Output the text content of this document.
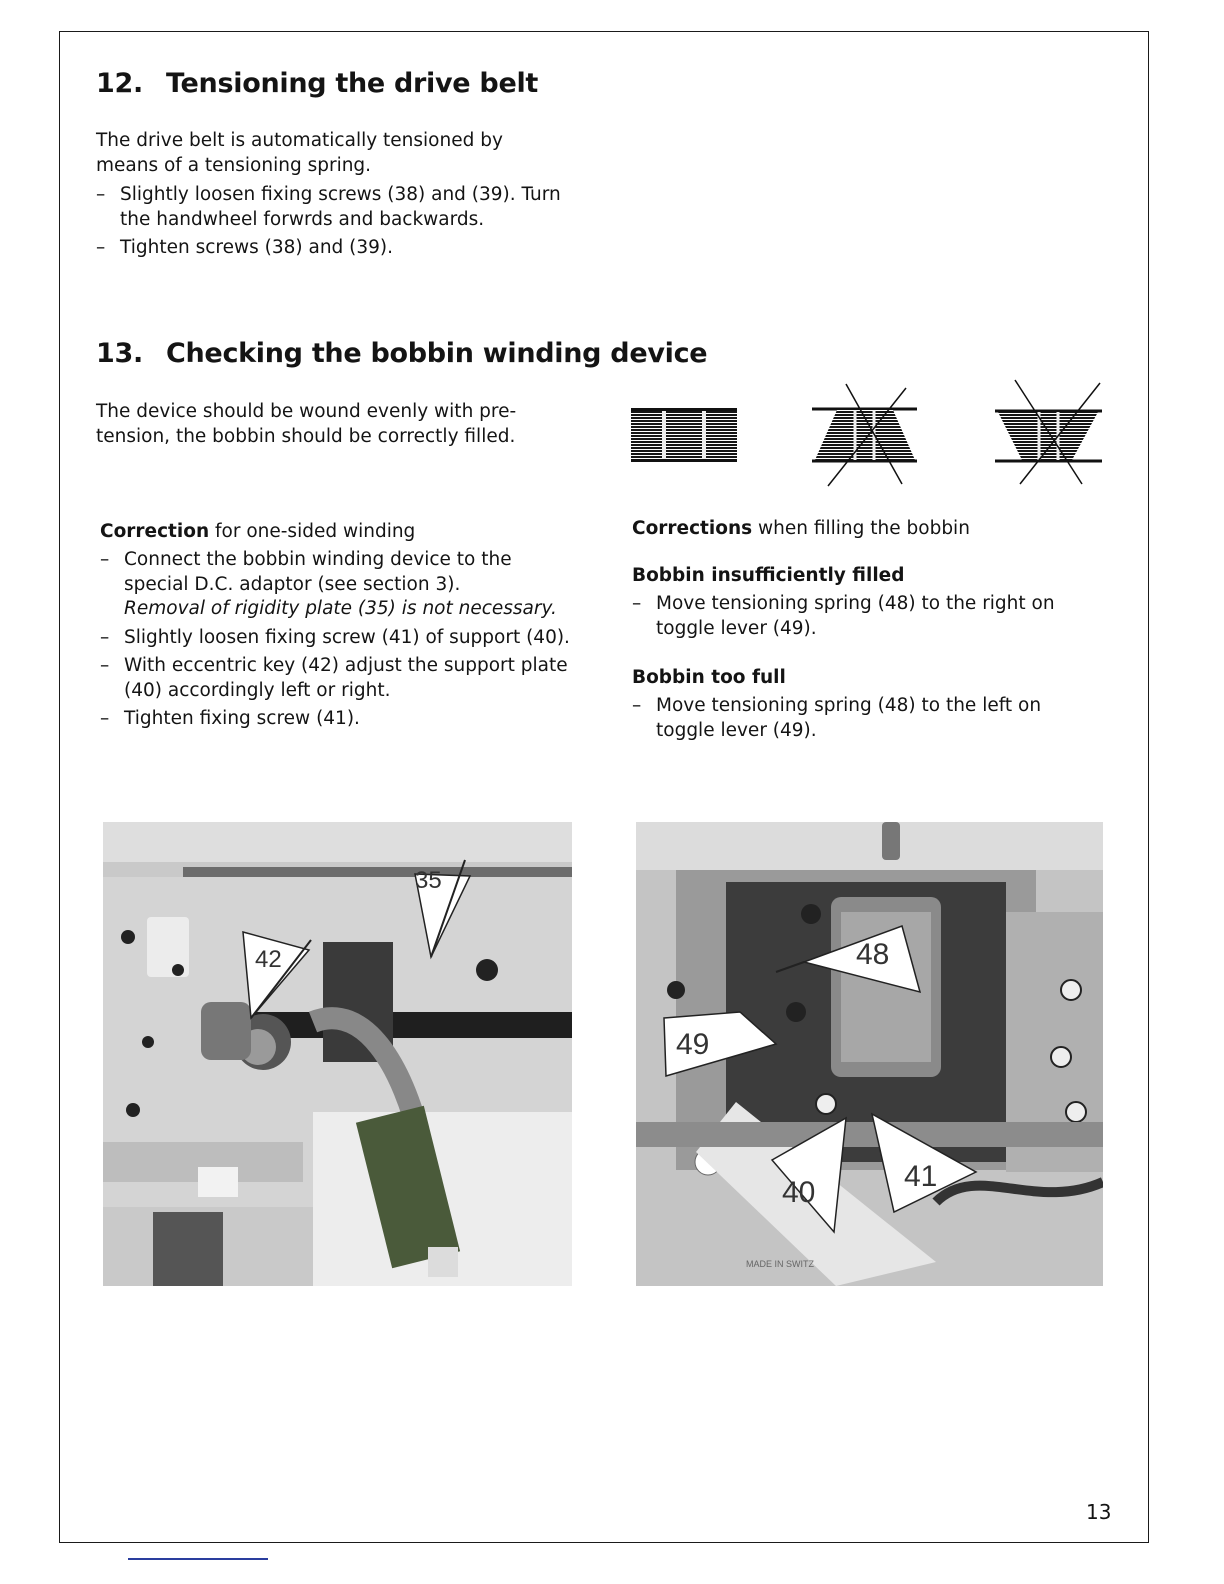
12. Tensioning the drive belt

The drive belt is automatically tensioned by
means of a tensioning spring.

– Slightly loosen fixing screws (38) and (39). Turn the handwheel forwrds and backwards.
– Tighten screws (38) and (39).
13. Checking the bobbin winding device

The device should be wound evenly with pre-
tension, the bobbin should be correctly filled.

Correction for one-sided winding

– Connect the bobbin winding device to the special D.C. adaptor (see section 3).
Removal of rigidity plate (35) is not necessary.
– Slightly loosen fixing screw (41) of support (40).
– With eccentric key (42) adjust the support plate (40) accordingly left or right.
– Tighten fixing screw (41).

Corrections when filling the bobbin

Bobbin insufficiently filled

– Move tensioning spring (48) to the right on toggle lever (49).

Bobbin too full

– Move tensioning spring (48) to the left on toggle lever (49).
35
42
MADE IN SWITZ
48
49
40	41
13
